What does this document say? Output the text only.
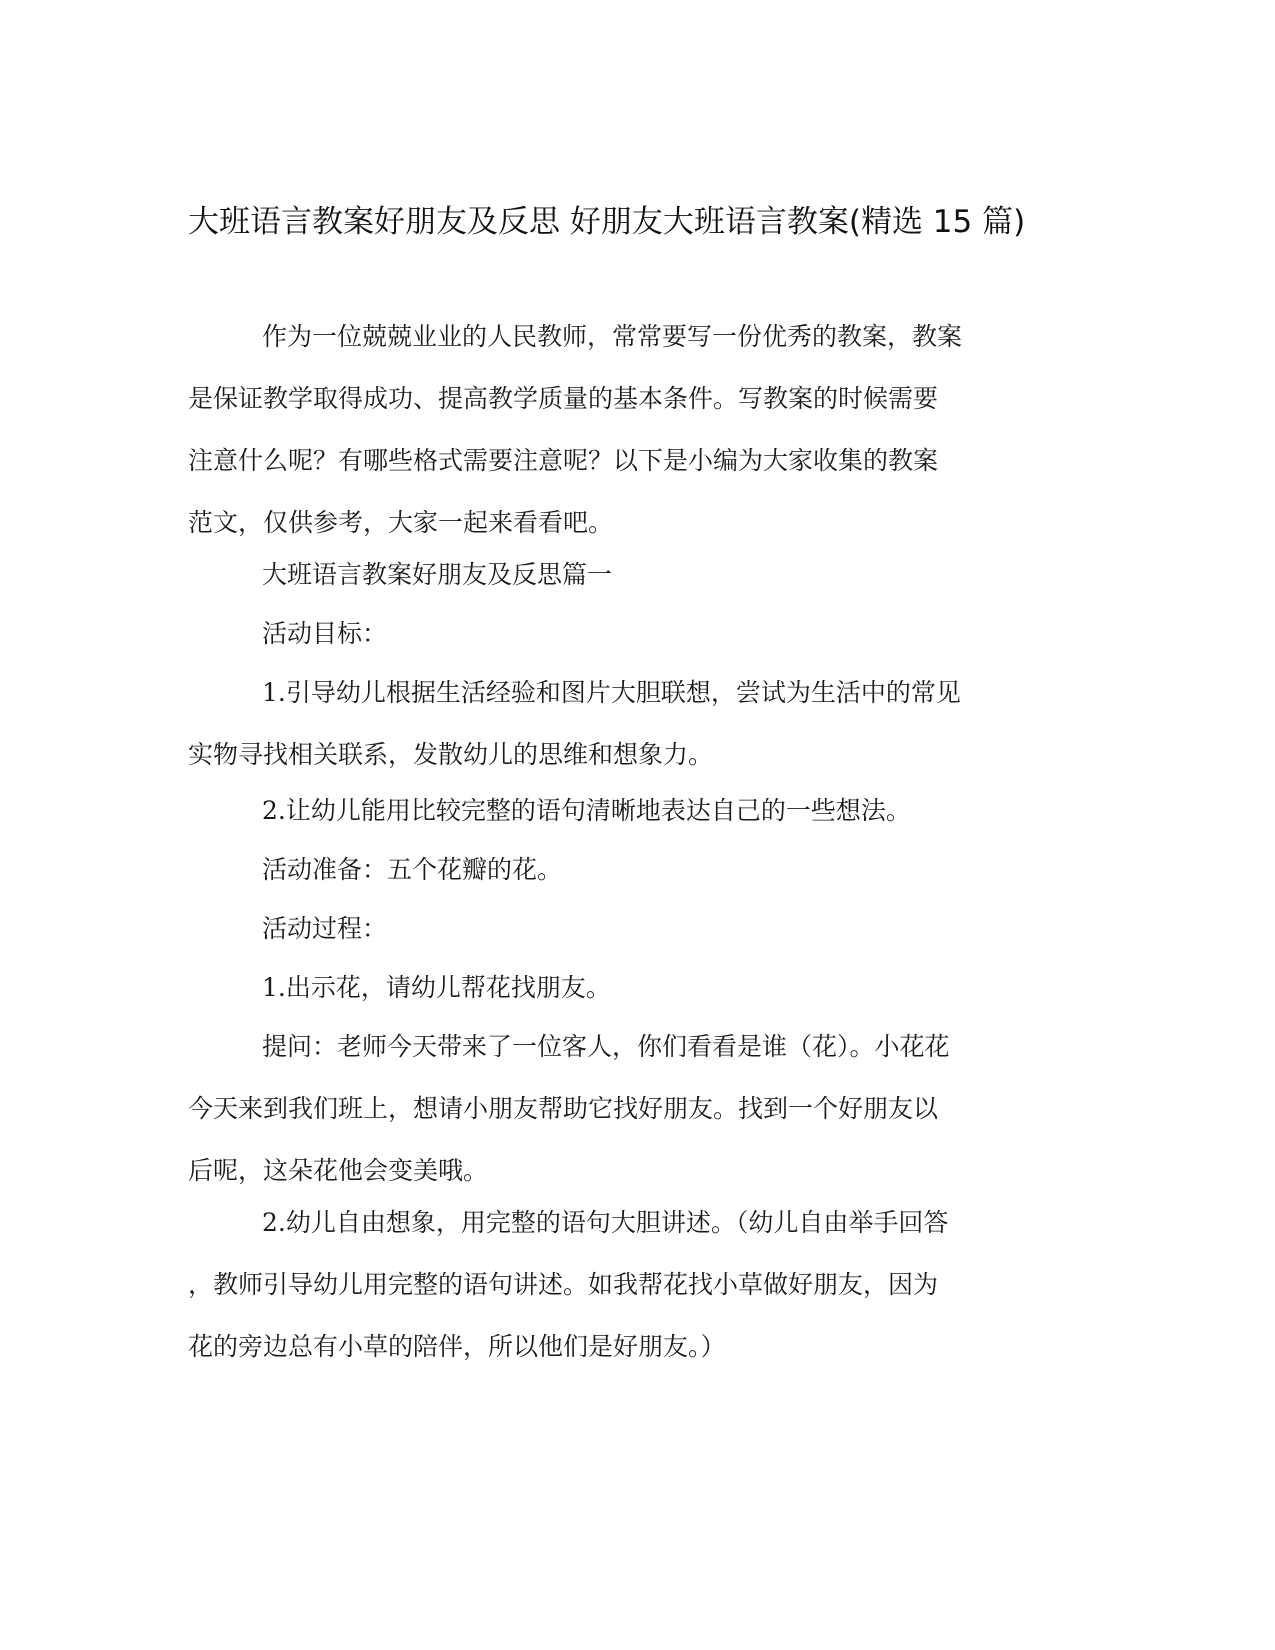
大班语言教案好朋友及反思 好朋友大班语言教案(精选 15 篇)
作为一位兢兢业业的人民教师，常常要写一份优秀的教案，教案
是保证教学取得成功、提高教学质量的基本条件。写教案的时候需要
注意什么呢？有哪些格式需要注意呢？以下是小编为大家收集的教案
范文，仅供参考，大家一起来看看吧。
大班语言教案好朋友及反思篇一
活动目标：
1.引导幼儿根据生活经验和图片大胆联想，尝试为生活中的常见
实物寻找相关联系，发散幼儿的思维和想象力。
2.让幼儿能用比较完整的语句清晰地表达自己的一些想法。
活动准备：五个花瓣的花。
活动过程：
1.出示花，请幼儿帮花找朋友。
提问：老师今天带来了一位客人，你们看看是谁（花）。小花花
今天来到我们班上，想请小朋友帮助它找好朋友。找到一个好朋友以
后呢，这朵花他会变美哦。
2.幼儿自由想象，用完整的语句大胆讲述。（幼儿自由举手回答
，教师引导幼儿用完整的语句讲述。如我帮花找小草做好朋友，因为
花的旁边总有小草的陪伴，所以他们是好朋友。）
